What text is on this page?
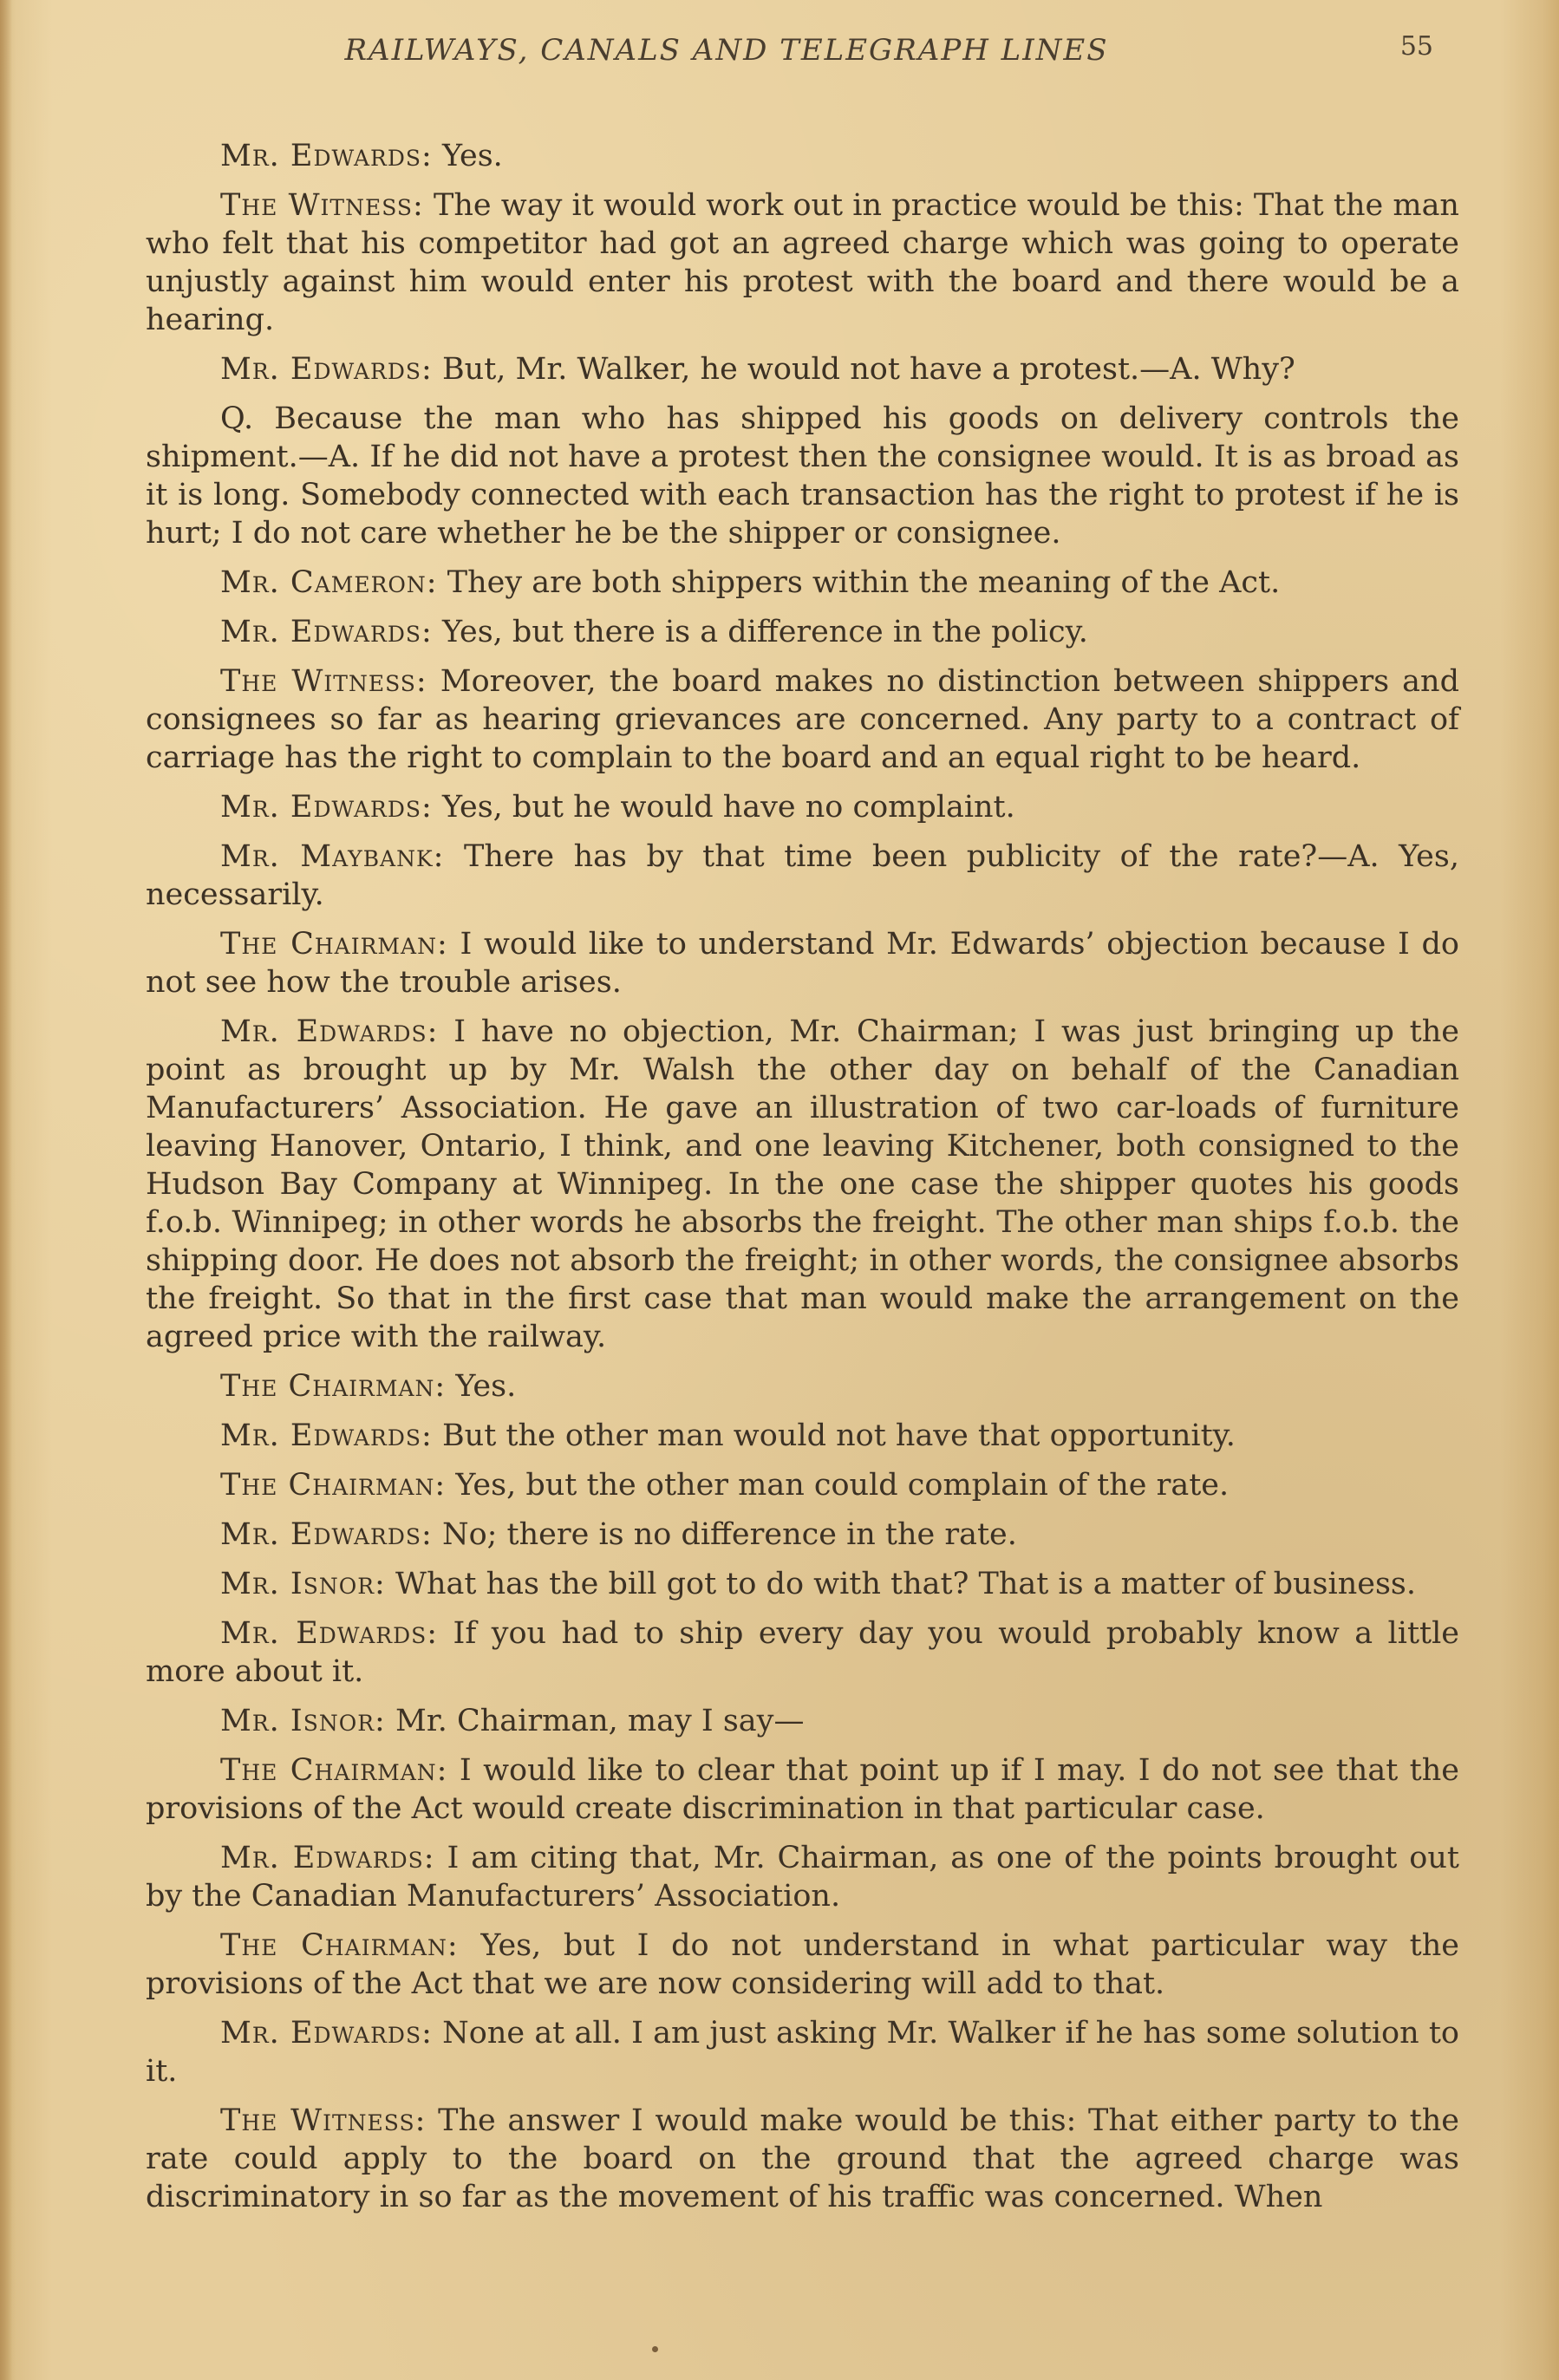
RAILWAYS, CANALS AND TELEGRAPH LINES	55

Mr. Edwards: Yes.

The Witness: The way it would work out in practice would be this: That the man who felt that his competitor had got an agreed charge which was going to operate unjustly against him would enter his protest with the board and there would be a hearing.

Mr. Edwards: But, Mr. Walker, he would not have a protest.—A. Why?

Q. Because the man who has shipped his goods on delivery controls the shipment.—A. If he did not have a protest then the consignee would. It is as broad as it is long. Somebody connected with each transaction has the right to protest if he is hurt; I do not care whether he be the shipper or consignee.

Mr. Cameron: They are both shippers within the meaning of the Act.

Mr. Edwards: Yes, but there is a difference in the policy.

The Witness: Moreover, the board makes no distinction between shippers and consignees so far as hearing grievances are concerned. Any party to a contract of carriage has the right to complain to the board and an equal right to be heard.

Mr. Edwards: Yes, but he would have no complaint.

Mr. Maybank: There has by that time been publicity of the rate?—A. Yes, necessarily.

The Chairman: I would like to understand Mr. Edwards’ objection because I do not see how the trouble arises.

Mr. Edwards: I have no objection, Mr. Chairman; I was just bringing up the point as brought up by Mr. Walsh the other day on behalf of the Canadian Manufacturers’ Association. He gave an illustration of two car-loads of furniture leaving Hanover, Ontario, I think, and one leaving Kitchener, both consigned to the Hudson Bay Company at Winnipeg. In the one case the shipper quotes his goods f.o.b. Winnipeg; in other words he absorbs the freight. The other man ships f.o.b. the shipping door. He does not absorb the freight; in other words, the consignee absorbs the freight. So that in the first case that man would make the arrangement on the agreed price with the railway.

The Chairman: Yes.

Mr. Edwards: But the other man would not have that opportunity.

The Chairman: Yes, but the other man could complain of the rate.

Mr. Edwards: No; there is no difference in the rate.

Mr. Isnor: What has the bill got to do with that? That is a matter of business.

Mr. Edwards: If you had to ship every day you would probably know a little more about it.

Mr. Isnor: Mr. Chairman, may I say—

The Chairman: I would like to clear that point up if I may. I do not see that the provisions of the Act would create discrimination in that particular case.

Mr. Edwards: I am citing that, Mr. Chairman, as one of the points brought out by the Canadian Manufacturers’ Association.

The Chairman: Yes, but I do not understand in what particular way the provisions of the Act that we are now considering will add to that.

Mr. Edwards: None at all. I am just asking Mr. Walker if he has some solution to it.

The Witness: The answer I would make would be this: That either party to the rate could apply to the board on the ground that the agreed charge was discriminatory in so far as the movement of his traffic was concerned. When
